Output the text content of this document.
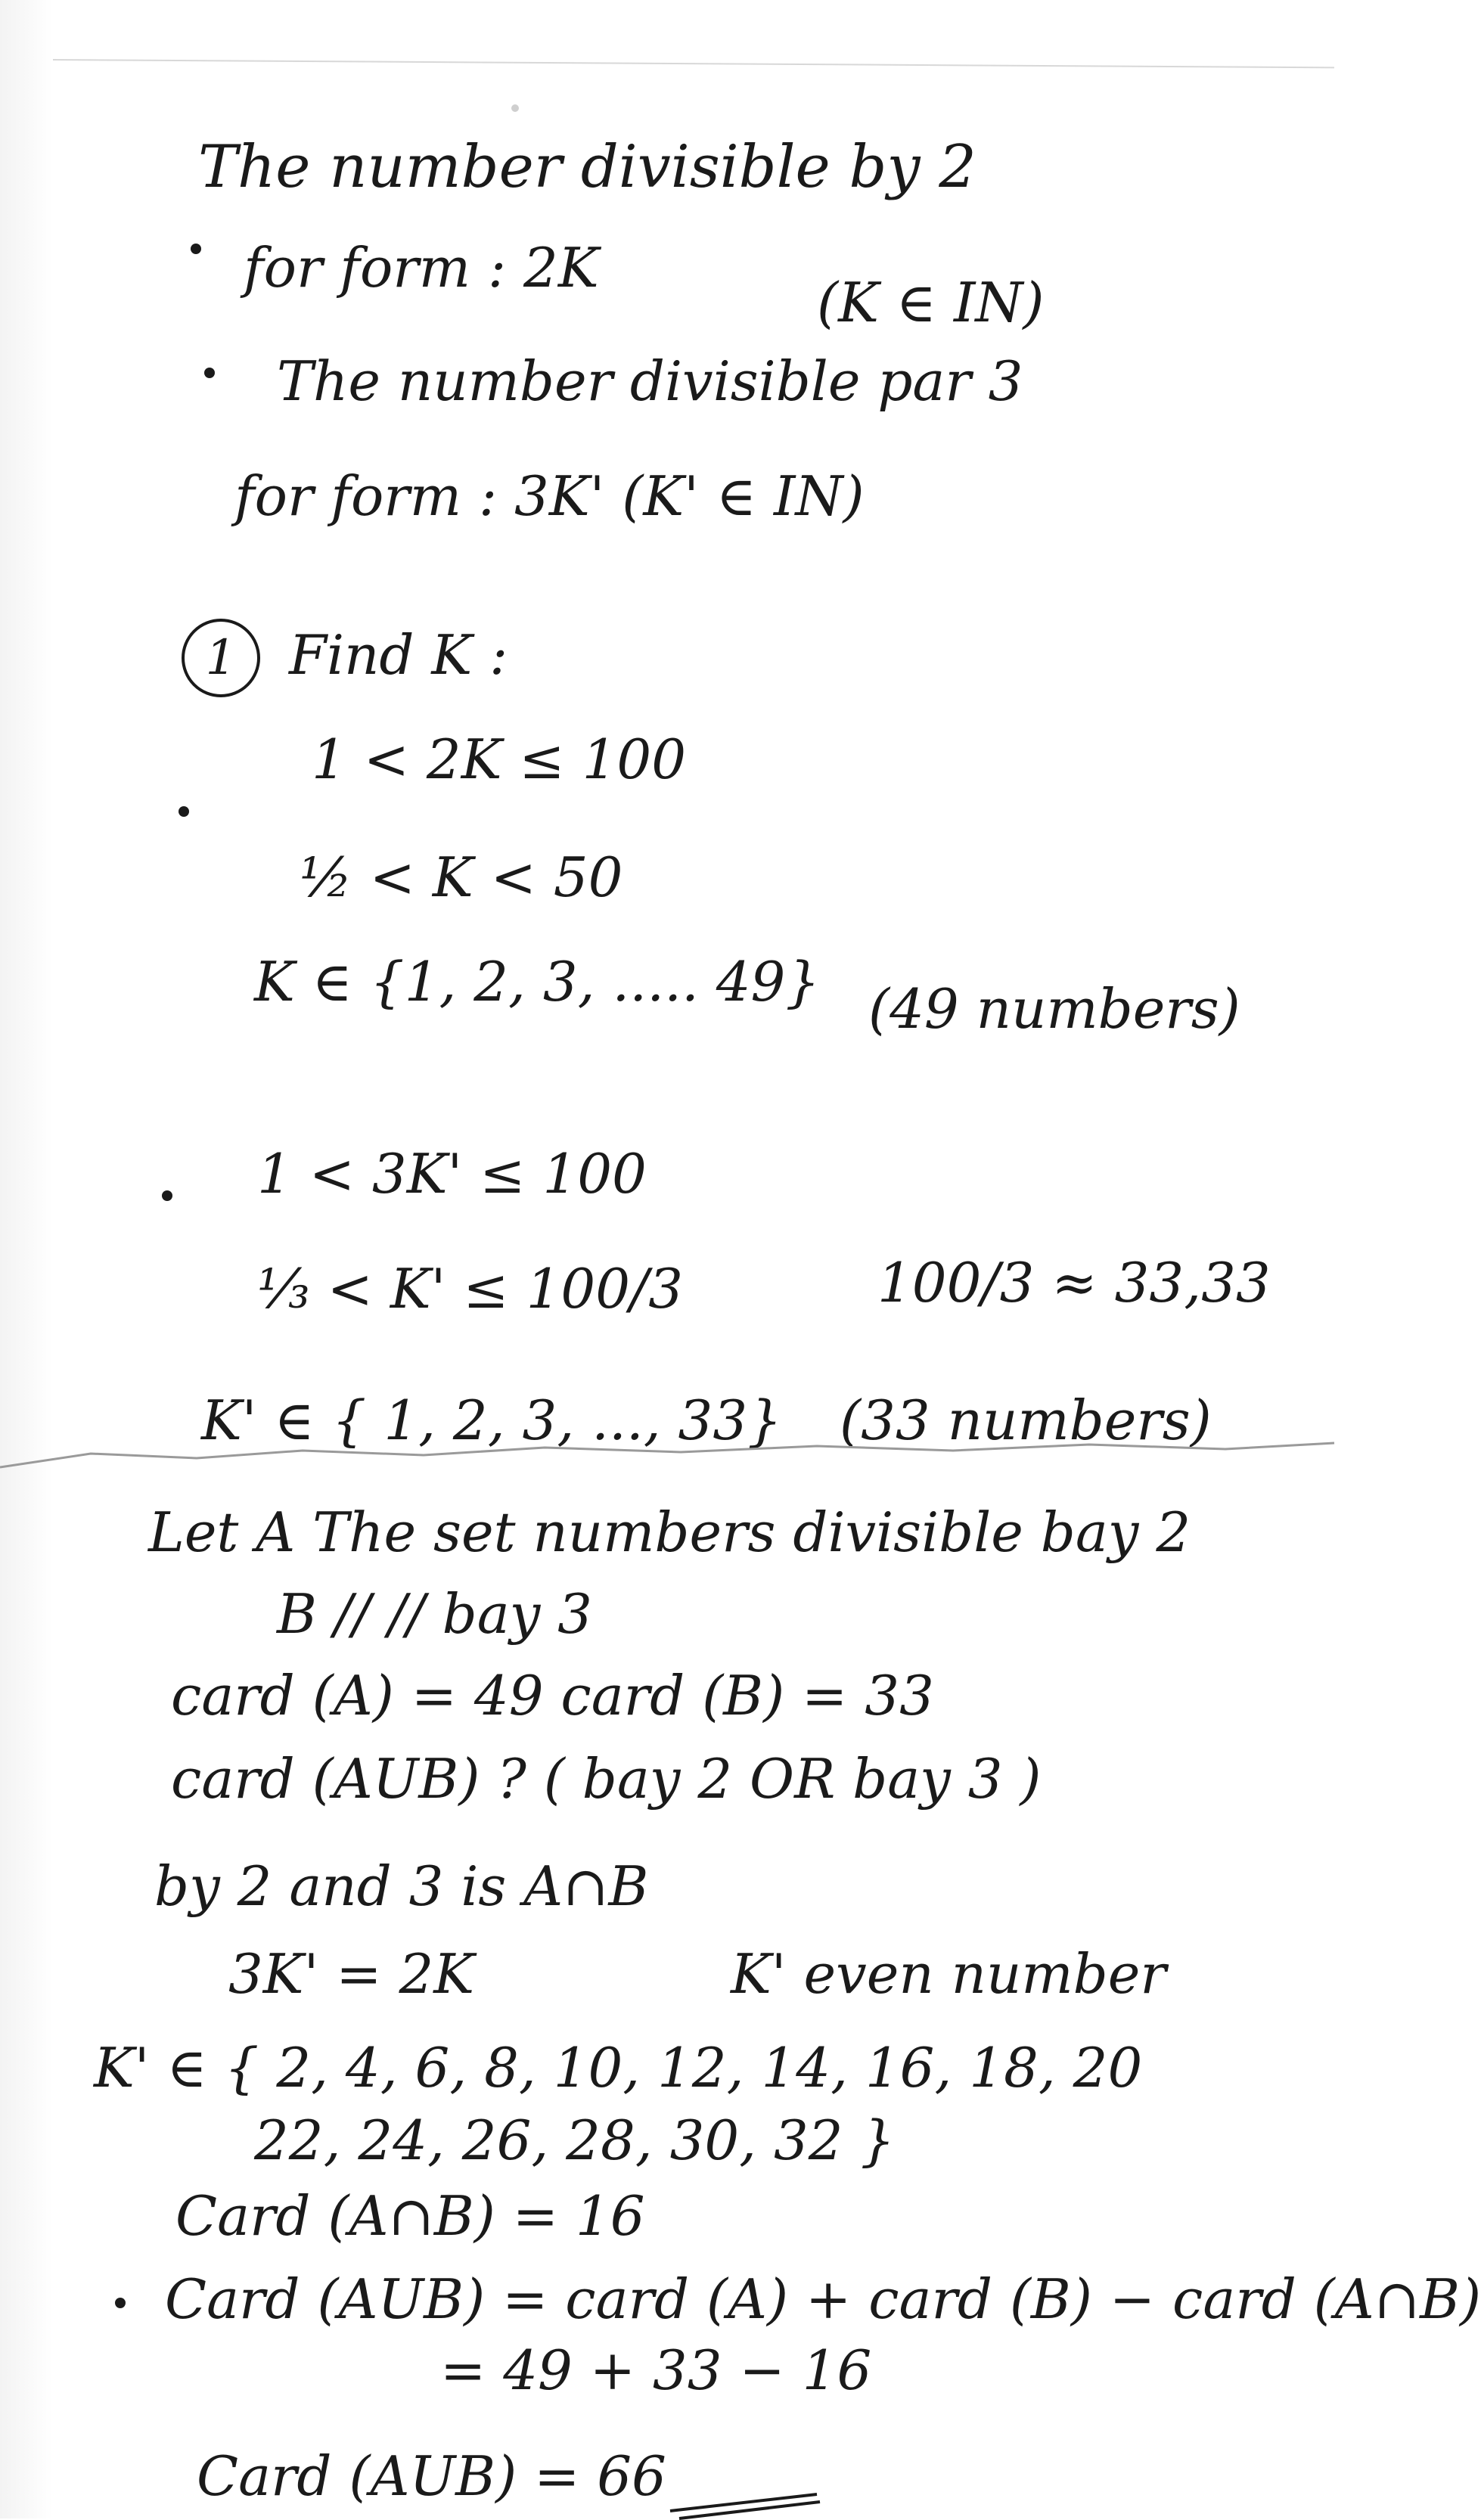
The number divisible by 2
for form : 2K
(K ∈ IN)
The number divisible par 3
for form : 3K' (K' ∈ IN)
1 Find K :
1 < 2K ≤ 100
½ < K < 50
K ∈ {1, 2, 3, ..... 49} (49 numbers)
1 < 3K' ≤ 100
⅓ < K' ≤ 100/3	100/3 ≈ 33,33
K' ∈ { 1, 2, 3, ..., 33} (33 numbers)
Let A The set numbers divisible bay 2
B // // bay 3
card (A) = 49 card (B) = 33
card (AUB) ? ( bay 2 OR bay 3 )
by 2 and 3 is A∩B
3K' = 2K	K' even number
K' ∈ { 2, 4, 6, 8, 10, 12, 14, 16, 18, 20
22, 24, 26, 28, 30, 32 }
Card (A∩B) = 16
Card (AUB) = card (A) + card (B) − card (A∩B)
= 49 + 33 − 16
Card (AUB) = 66
